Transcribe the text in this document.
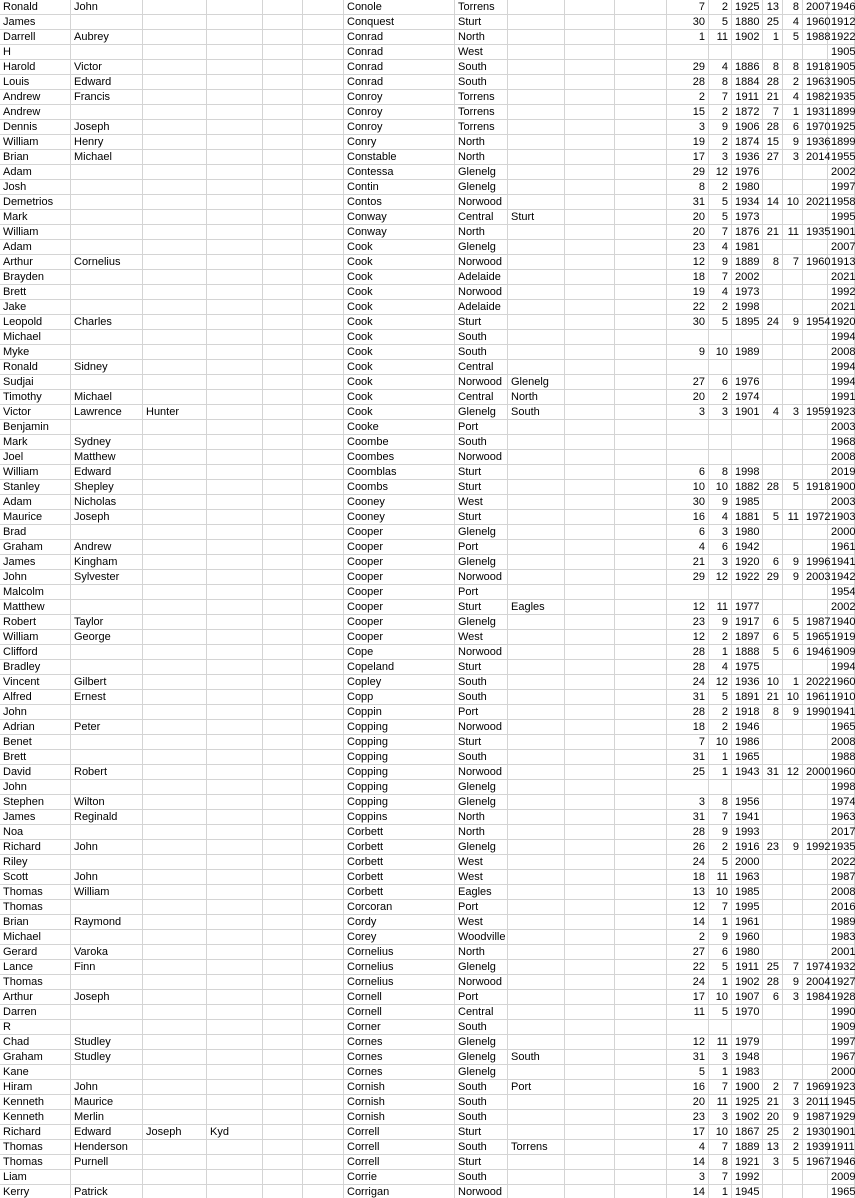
Ronald	John					Conole	Torrens				7	2	1925	13	8	2007	1946
James						Conquest	Sturt				30	5	1880	25	4	1960	1912
Darrell	Aubrey					Conrad	North				1	11	1902	1	5	1988	1922
H						Conrad	West										1905
Harold	Victor					Conrad	South				29	4	1886	8	8	1918	1905
Louis	Edward					Conrad	South				28	8	1884	28	2	1963	1905
Andrew	Francis					Conroy	Torrens				2	7	1911	21	4	1982	1935
Andrew						Conroy	Torrens				15	2	1872	7	1	1931	1899
Dennis	Joseph					Conroy	Torrens				3	9	1906	28	6	1970	1925
William	Henry					Conry	North				19	2	1874	15	9	1936	1899
Brian	Michael					Constable	North				17	3	1936	27	3	2014	1955
Adam						Contessa	Glenelg				29	12	1976				2002
Josh						Contin	Glenelg				8	2	1980				1997
Demetrios						Contos	Norwood				31	5	1934	14	10	2021	1958
Mark						Conway	Central	Sturt			20	5	1973				1995
William						Conway	North				20	7	1876	21	11	1935	1901
Adam						Cook	Glenelg				23	4	1981				2007
Arthur	Cornelius					Cook	Norwood				12	9	1889	8	7	1960	1913
Brayden						Cook	Adelaide				18	7	2002				2021
Brett						Cook	Norwood				19	4	1973				1992
Jake						Cook	Adelaide				22	2	1998				2021
Leopold	Charles					Cook	Sturt				30	5	1895	24	9	1954	1920
Michael						Cook	South										1994
Myke						Cook	South				9	10	1989				2008
Ronald	Sidney					Cook	Central										1994
Sudjai						Cook	Norwood	Glenelg			27	6	1976				1994
Timothy	Michael					Cook	Central	North			20	2	1974				1991
Victor	Lawrence	Hunter				Cook	Glenelg	South			3	3	1901	4	3	1959	1923
Benjamin						Cooke	Port										2003
Mark	Sydney					Coombe	South										1968
Joel	Matthew					Coombes	Norwood										2008
William	Edward					Coomblas	Sturt				6	8	1998				2019
Stanley	Shepley					Coombs	Sturt				10	10	1882	28	5	1918	1900
Adam	Nicholas					Cooney	West				30	9	1985				2003
Maurice	Joseph					Cooney	Sturt				16	4	1881	5	11	1972	1903
Brad						Cooper	Glenelg				6	3	1980				2000
Graham	Andrew					Cooper	Port				4	6	1942				1961
James	Kingham					Cooper	Glenelg				21	3	1920	6	9	1996	1941
John	Sylvester					Cooper	Norwood				29	12	1922	29	9	2003	1942
Malcolm						Cooper	Port										1954
Matthew						Cooper	Sturt	Eagles			12	11	1977				2002
Robert	Taylor					Cooper	Glenelg				23	9	1917	6	5	1987	1940
William	George					Cooper	West				12	2	1897	6	5	1965	1919
Clifford						Cope	Norwood				28	1	1888	5	6	1946	1909
Bradley						Copeland	Sturt				28	4	1975				1994
Vincent	Gilbert					Copley	South				24	12	1936	10	1	2022	1960
Alfred	Ernest					Copp	South				31	5	1891	21	10	1961	1910
John						Coppin	Port				28	2	1918	8	9	1990	1941
Adrian	Peter					Copping	Norwood				18	2	1946				1965
Benet						Copping	Sturt				7	10	1986				2008
Brett						Copping	South				31	1	1965				1988
David	Robert					Copping	Norwood				25	1	1943	31	12	2000	1960
John						Copping	Glenelg										1998
Stephen	Wilton					Copping	Glenelg				3	8	1956				1974
James	Reginald					Coppins	North				31	7	1941				1963
Noa						Corbett	North				28	9	1993				2017
Richard	John					Corbett	Glenelg				26	2	1916	23	9	1992	1935
Riley						Corbett	West				24	5	2000				2022
Scott	John					Corbett	West				18	11	1963				1987
Thomas	William					Corbett	Eagles				13	10	1985				2008
Thomas						Corcoran	Port				12	7	1995				2016
Brian	Raymond					Cordy	West				14	1	1961				1989
Michael						Corey	Woodville				2	9	1960				1983
Gerard	Varoka					Cornelius	North				27	6	1980				2001
Lance	Finn					Cornelius	Glenelg				22	5	1911	25	7	1974	1932
Thomas						Cornelius	Norwood				24	1	1902	28	9	2004	1927
Arthur	Joseph					Cornell	Port				17	10	1907	6	3	1984	1928
Darren						Cornell	Central				11	5	1970				1990
R						Corner	South										1909
Chad	Studley					Cornes	Glenelg				12	11	1979				1997
Graham	Studley					Cornes	Glenelg	South			31	3	1948				1967
Kane						Cornes	Glenelg				5	1	1983				2000
Hiram	John					Cornish	South	Port			16	7	1900	2	7	1969	1923
Kenneth	Maurice					Cornish	South				20	11	1925	21	3	2011	1945
Kenneth	Merlin					Cornish	South				23	3	1902	20	9	1987	1929
Richard	Edward	Joseph	Kyd			Correll	Sturt				17	10	1867	25	2	1930	1901
Thomas	Henderson					Correll	South	Torrens			4	7	1889	13	2	1939	1911
Thomas	Purnell					Correll	Sturt				14	8	1921	3	5	1967	1946
Liam						Corrie	South				3	7	1992				2009
Kerry	Patrick					Corrigan	Norwood				14	1	1945				1965
